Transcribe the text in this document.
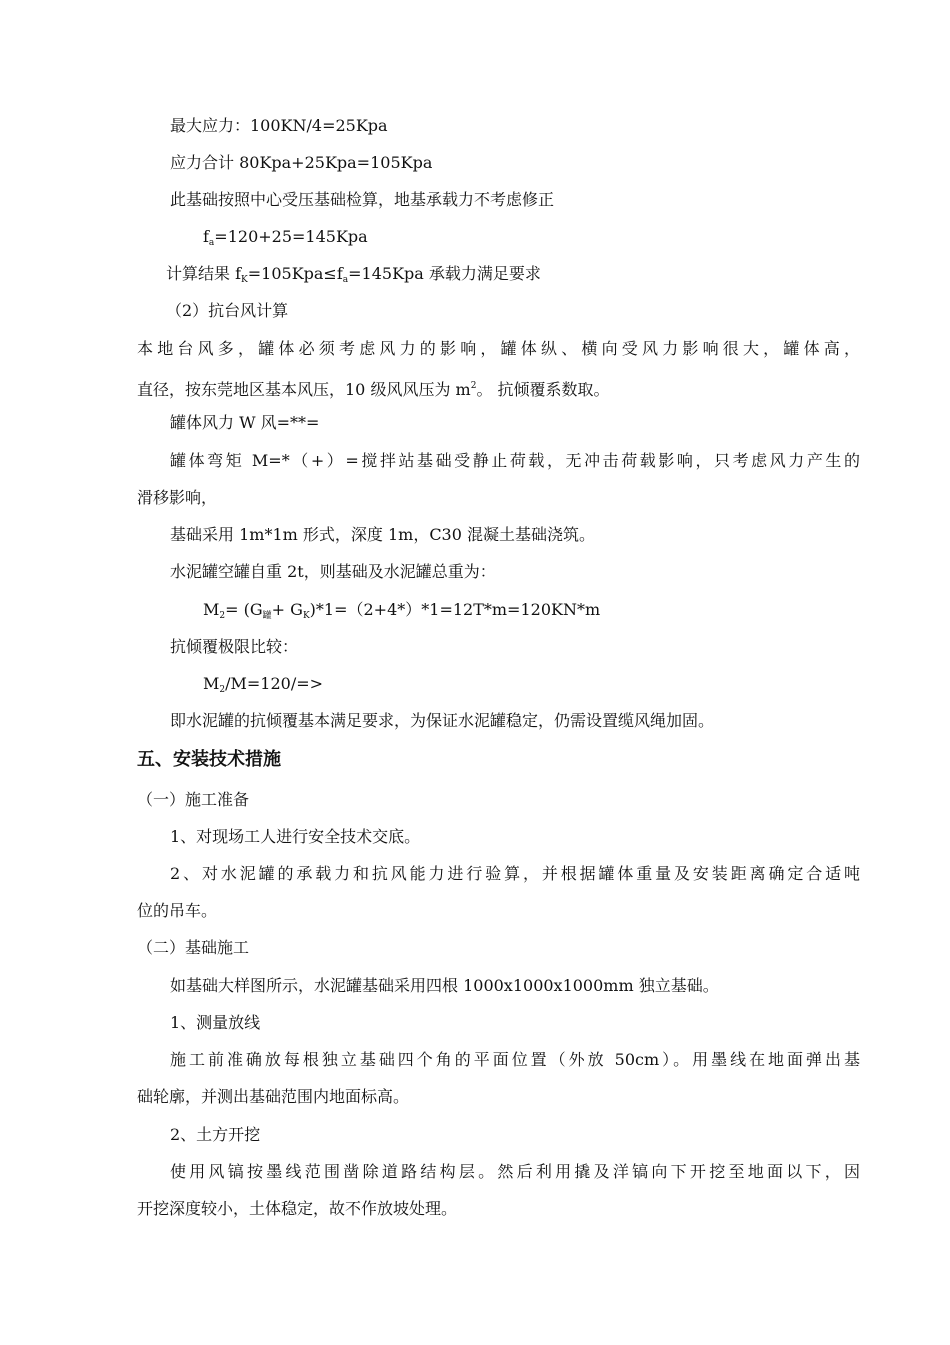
最大应力：100KN/4=25Kpa
应力合计 80Kpa+25Kpa=105Kpa
此基础按照中心受压基础检算，地基承载力不考虑修正
$f_a=120+25=145Kpa$
计算结果 $f_K=105Kpa\le f_a=145Kpa$ 承载力满足要求
（2）抗台风计算
本地台风多，罐体必须考虑风力的影响，罐体纵、横向受风力影响很大，罐体高，
直径，按东莞地区基本风压，10 级风风压为 $m^2$。 抗倾覆系数取。
罐体风力 W 风=**=
罐体弯矩 M=*（+）=搅拌站基础受静止荷载，无冲击荷载影响，只考虑风力产生的
滑移影响，
基础采用 1m*1m 形式，深度 1m，C30 混凝土基础浇筑。
水泥罐空罐自重 2t，则基础及水泥罐总重为：
$M_2= (G_罐+ G_K)*1=(2+4*)*1=12T*m=120KN*m$
抗倾覆极限比较：
$M_2/M=120/=>$
即水泥罐的抗倾覆基本满足要求，为保证水泥罐稳定，仍需设置缆风绳加固。
五、安装技术措施
（一）施工准备
1、对现场工人进行安全技术交底。
2、对水泥罐的承载力和抗风能力进行验算，并根据罐体重量及安装距离确定合适吨
位的吊车。
（二）基础施工
如基础大样图所示，水泥罐基础采用四根 1000x1000x1000mm 独立基础。
1、测量放线
施工前准确放每根独立基础四个角的平面位置（外放 50cm）。用墨线在地面弹出基
础轮廓，并测出基础范围内地面标高。
2、土方开挖
使用风镐按墨线范围凿除道路结构层。然后利用撬及洋镐向下开挖至地面以下，因
开挖深度较小，土体稳定，故不作放坡处理。
